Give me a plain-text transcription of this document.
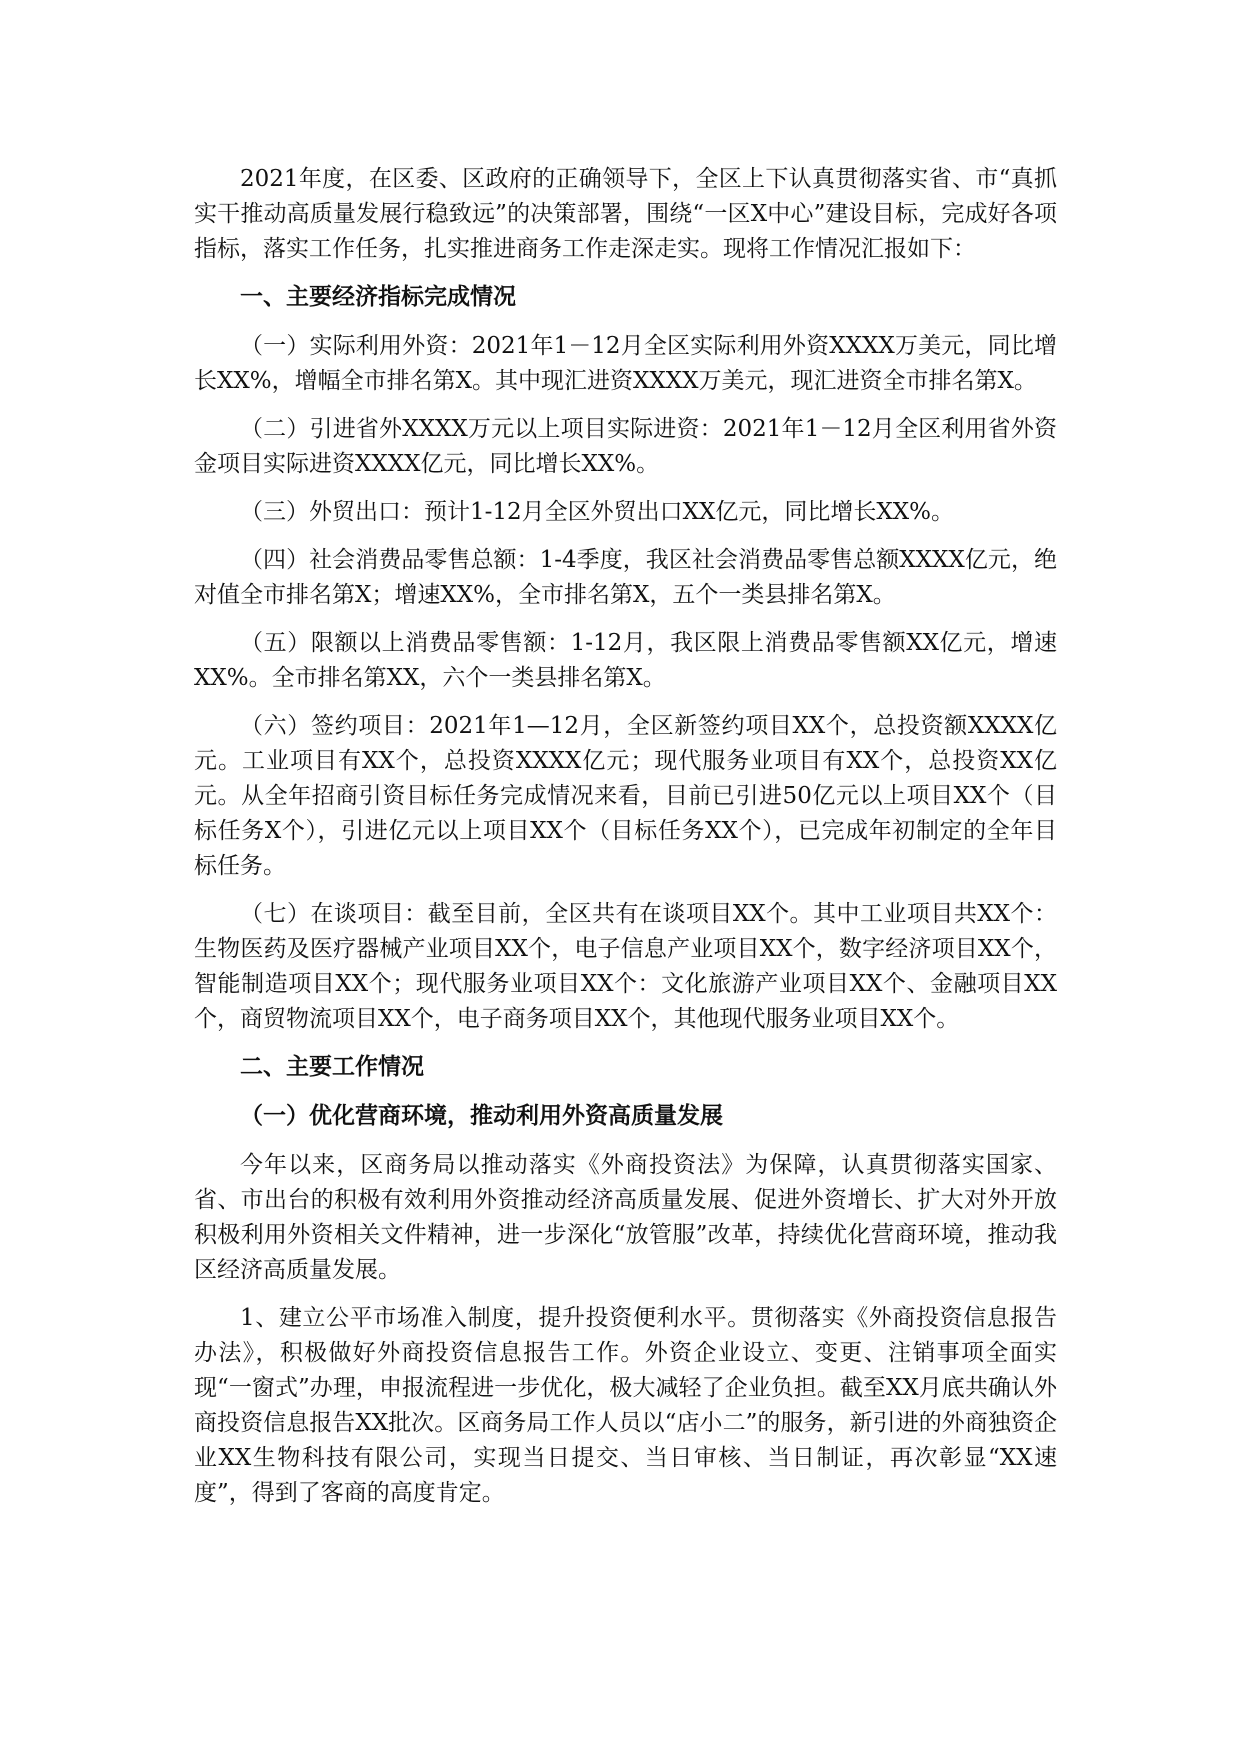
2021年度，在区委、区政府的正确领导下，全区上下认真贯彻落实省、市“真抓实干推动高质量发展行稳致远”的决策部署，围绕“一区X中心”建设目标，完成好各项指标，落实工作任务，扎实推进商务工作走深走实。现将工作情况汇报如下：

一、主要经济指标完成情况

（一）实际利用外资：2021年1－12月全区实际利用外资XXXX万美元，同比增长XX%，增幅全市排名第X。其中现汇进资XXXX万美元，现汇进资全市排名第X。

（二）引进省外XXXX万元以上项目实际进资：2021年1－12月全区利用省外资金项目实际进资XXXX亿元，同比增长XX%。

（三）外贸出口：预计1-12月全区外贸出口XX亿元，同比增长XX%。

（四）社会消费品零售总额：1-4季度，我区社会消费品零售总额XXXX亿元，绝对值全市排名第X；增速XX%，全市排名第X，五个一类县排名第X。

（五）限额以上消费品零售额：1-12月，我区限上消费品零售额XX亿元，增速XX%。全市排名第XX，六个一类县排名第X。

（六）签约项目：2021年1—12月，全区新签约项目XX个，总投资额XXXX亿元。工业项目有XX个，总投资XXXX亿元；现代服务业项目有XX个，总投资XX亿元。从全年招商引资目标任务完成情况来看，目前已引进50亿元以上项目XX个（目标任务X个），引进亿元以上项目XX个（目标任务XX个），已完成年初制定的全年目标任务。

（七）在谈项目：截至目前，全区共有在谈项目XX个。其中工业项目共XX个：生物医药及医疗器械产业项目XX个，电子信息产业项目XX个，数字经济项目XX个，智能制造项目XX个；现代服务业项目XX个：文化旅游产业项目XX个、金融项目XX个，商贸物流项目XX个，电子商务项目XX个，其他现代服务业项目XX个。

二、主要工作情况

（一）优化营商环境，推动利用外资高质量发展

今年以来，区商务局以推动落实《外商投资法》为保障，认真贯彻落实国家、省、市出台的积极有效利用外资推动经济高质量发展、促进外资增长、扩大对外开放积极利用外资相关文件精神，进一步深化“放管服”改革，持续优化营商环境，推动我区经济高质量发展。

1、建立公平市场准入制度，提升投资便利水平。贯彻落实《外商投资信息报告办法》，积极做好外商投资信息报告工作。外资企业设立、变更、注销事项全面实现“一窗式”办理，申报流程进一步优化，极大减轻了企业负担。截至XX月底共确认外商投资信息报告XX批次。区商务局工作人员以“店小二”的服务，新引进的外商独资企业XX生物科技有限公司，实现当日提交、当日审核、当日制证，再次彰显“XX速度”，得到了客商的高度肯定。
